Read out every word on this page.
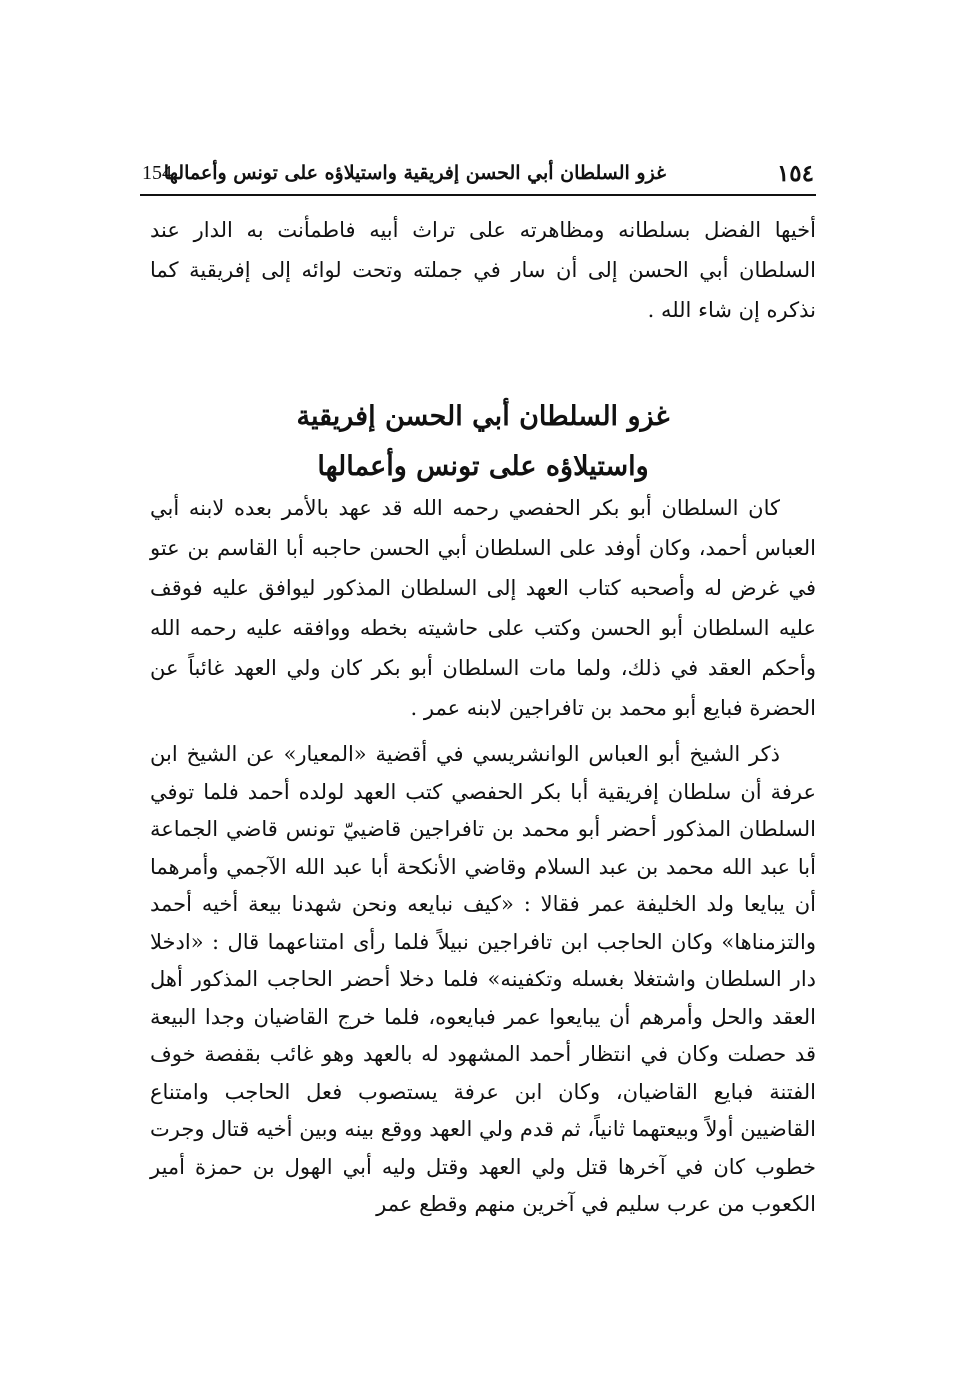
154
غزو السلطان أبي الحسن إفريقية واستيلاؤه على تونس وأعمالها	١٥٤

أخيها الفضل بسلطانه ومظاهرته على تراث أبيه فاطمأنت به الدار عند السلطان أبي الحسن إلى أن سار في جملته وتحت لوائه إلى إفريقية كما نذكره إن شاء الله .

غزو السلطان أبي الحسن إفريقية
واستيلاؤه على تونس وأعمالها

كان السلطان أبو بكر الحفصي رحمه الله قد عهد بالأمر بعده لابنه أبي العباس أحمد، وكان أوفد على السلطان أبي الحسن حاجبه أبا القاسم بن عتو في غرض له وأصحبه كتاب العهد إلى السلطان المذكور ليوافق عليه فوقف عليه السلطان أبو الحسن وكتب على حاشيته بخطه ووافقه عليه رحمه الله وأحكم العقد في ذلك، ولما مات السلطان أبو بكر كان ولي العهد غائباً عن الحضرة فبايع أبو محمد بن تافراجين لابنه عمر .

ذكر الشيخ أبو العباس الوانشريسي في أقضية «المعيار» عن الشيخ ابن عرفة أن سلطان إفريقية أبا بكر الحفصي كتب العهد لولده أحمد فلما توفي السلطان المذكور أحضر أبو محمد بن تافراجين قاضييّ تونس قاضي الجماعة أبا عبد الله محمد بن عبد السلام وقاضي الأنكحة أبا عبد الله الآجمي وأمرهما أن يبايعا ولد الخليفة عمر فقالا : «كيف نبايعه ونحن شهدنا بيعة أخيه أحمد والتزمناها» وكان الحاجب ابن تافراجين نبيلاً فلما رأى امتناعهما قال : «ادخلا دار السلطان واشتغلا بغسله وتكفينه» فلما دخلا أحضر الحاجب المذكور أهل العقد والحل وأمرهم أن يبايعوا عمر فبايعوه، فلما خرج القاضيان وجدا البيعة قد حصلت وكان في انتظار أحمد المشهود له بالعهد وهو غائب بقفصة خوف الفتنة فبايع القاضيان، وكان ابن عرفة يستصوب فعل الحاجب وامتناع القاضيين أولاً وبيعتهما ثانياً، ثم قدم ولي العهد ووقع بينه وبين أخيه قتال وجرت خطوب كان في آخرها قتل ولي العهد وقتل وليه أبي الهول بن حمزة أمير الكعوب من عرب سليم في آخرين منهم وقطع عمر
